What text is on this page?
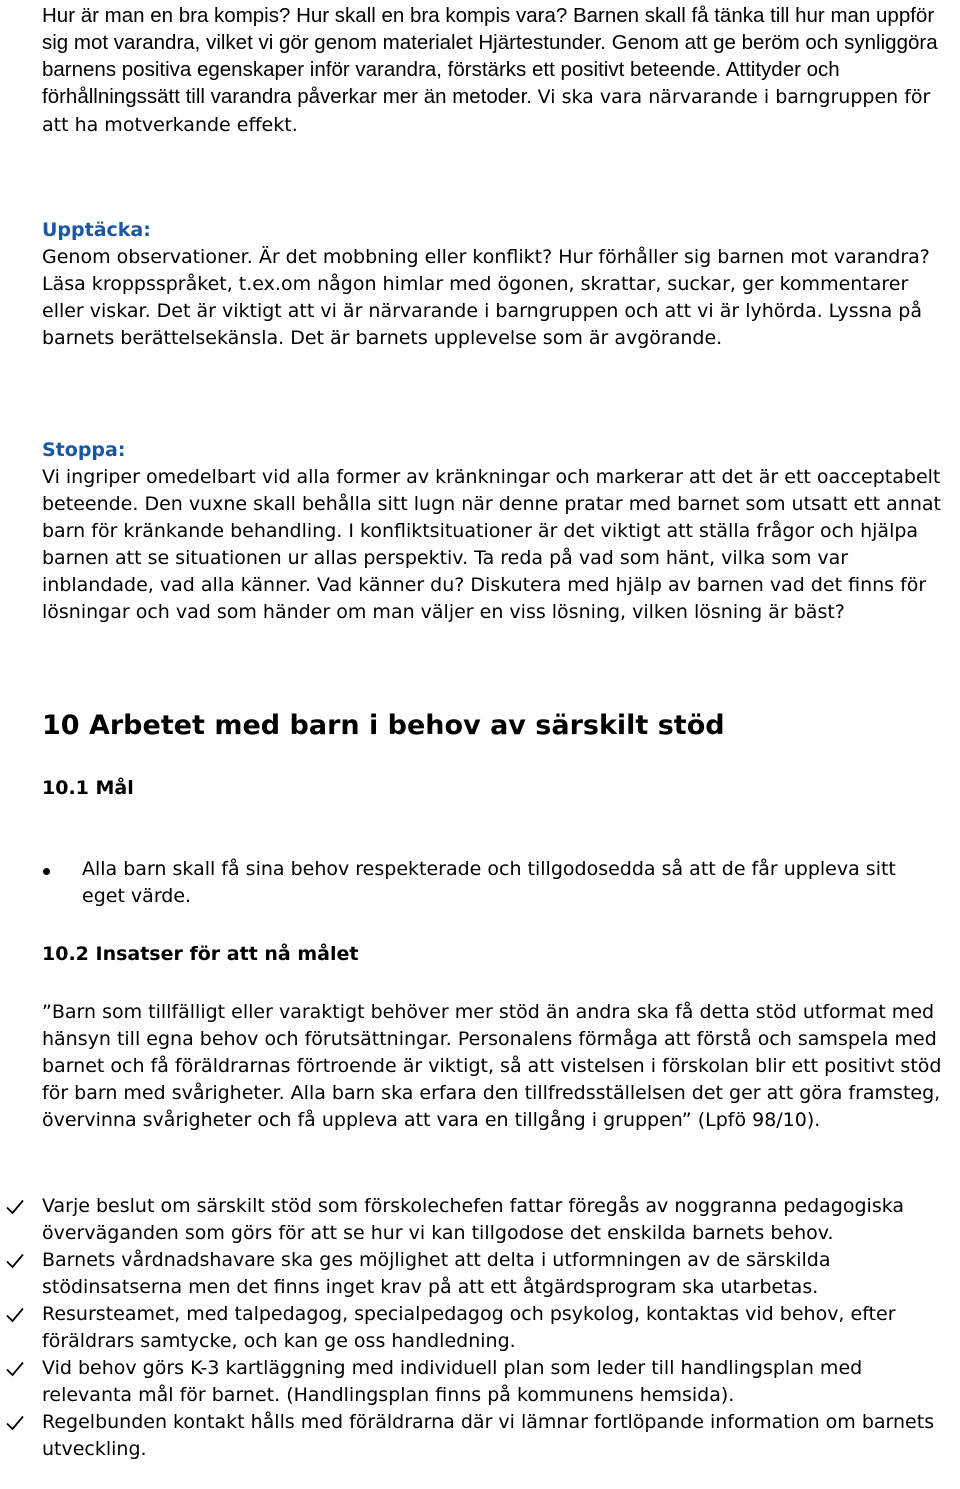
Hur är man en bra kompis? Hur skall en bra kompis vara? Barnen skall få tänka till hur man uppför sig mot varandra, vilket vi gör genom materialet Hjärtestunder. Genom att ge beröm och synliggöra barnens positiva egenskaper inför varandra, förstärks ett positivt beteende. Attityder och förhållningssätt till varandra påverkar mer än metoder. Vi ska vara närvarande i barngruppen för att ha motverkande effekt.

Upptäcka:

Genom observationer. Är det mobbning eller konflikt? Hur förhåller sig barnen mot varandra? Läsa kroppsspråket, t.ex.om någon himlar med ögonen, skrattar, suckar, ger kommentarer eller viskar. Det är viktigt att vi är närvarande i barngruppen och att vi är lyhörda. Lyssna på barnets berättelsekänsla. Det är barnets upplevelse som är avgörande.

Stoppa:

Vi ingriper omedelbart vid alla former av kränkningar och markerar att det är ett oacceptabelt beteende. Den vuxne skall behålla sitt lugn när denne pratar med barnet som utsatt ett annat barn för kränkande behandling. I konfliktsituationer är det viktigt att ställa frågor och hjälpa barnen att se situationen ur allas perspektiv. Ta reda på vad som hänt, vilka som var inblandade, vad alla känner. Vad känner du? Diskutera med hjälp av barnen vad det finns för lösningar och vad som händer om man väljer en viss lösning, vilken lösning är bäst?

10 Arbetet med barn i behov av särskilt stöd
10.1 Mål
Alla barn skall få sina behov respekterade och tillgodosedda så att de får uppleva sitt eget värde.
10.2 Insatser för att nå målet

”Barn som tillfälligt eller varaktigt behöver mer stöd än andra ska få detta stöd utformat med hänsyn till egna behov och förutsättningar. Personalens förmåga att förstå och samspela med barnet och få föräldrarnas förtroende är viktigt, så att vistelsen i förskolan blir ett positivt stöd för barn med svårigheter. Alla barn ska erfara den tillfredsställelsen det ger att göra framsteg, övervinna svårigheter och få uppleva att vara en tillgång i gruppen” (Lpfö 98/10).

Varje beslut om särskilt stöd som förskolechefen fattar föregås av noggranna pedagogiska överväganden som görs för att se hur vi kan tillgodose det enskilda barnets behov.
Barnets vårdnadshavare ska ges möjlighet att delta i utformningen av de särskilda stödinsatserna men det finns inget krav på att ett åtgärdsprogram ska utarbetas.
Resursteamet, med talpedagog, specialpedagog och psykolog, kontaktas vid behov, efter föräldrars samtycke, och kan ge oss handledning.
Vid behov görs K-3 kartläggning med individuell plan som leder till handlingsplan med relevanta mål för barnet. (Handlingsplan finns på kommunens hemsida).
Regelbunden kontakt hålls med föräldrarna där vi lämnar fortlöpande information om barnets utveckling.
